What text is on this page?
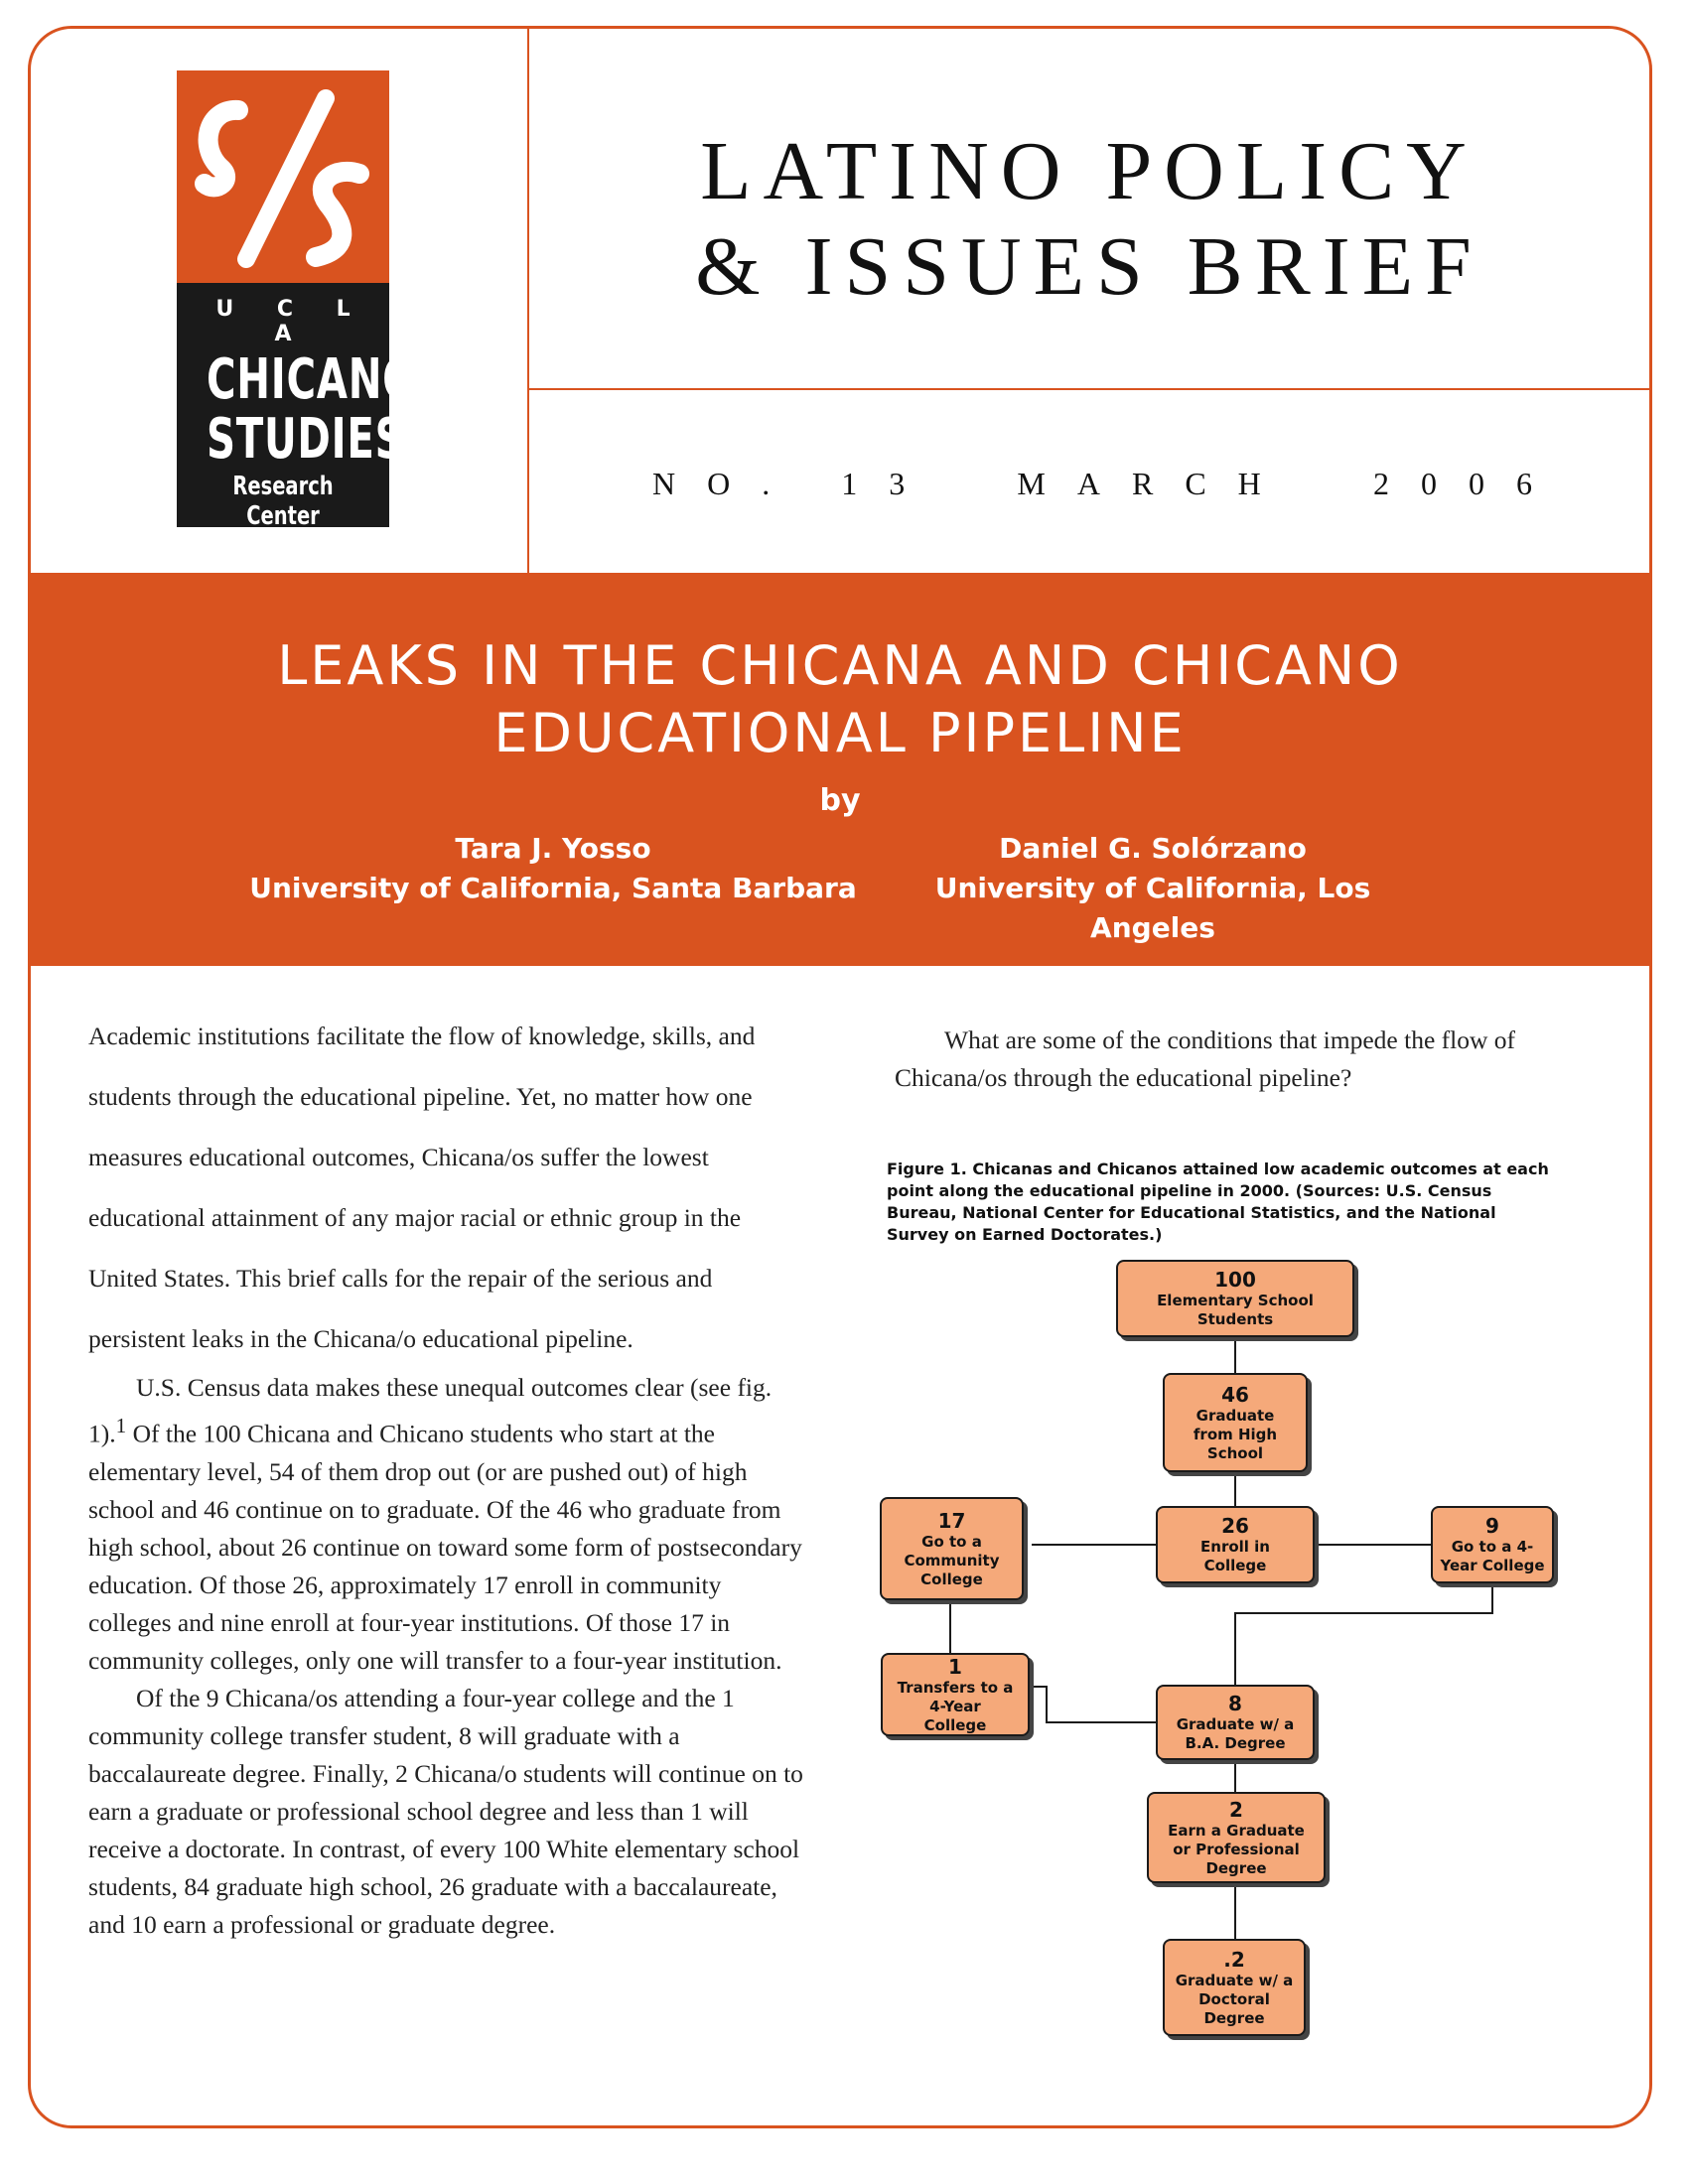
U C L A
CHICANO
STUDIES
Research Center
LATINO POLICY
& ISSUES BRIEF
NO. 13	MARCH	2006
LEAKS IN THE CHICANA AND CHICANO
EDUCATIONAL PIPELINE
by
Tara J. Yosso
University of California, Santa Barbara
Daniel G. Solórzano
University of California, Los Angeles

Academic institutions facilitate the flow of knowledge, skills, and students through the educational pipeline. Yet, no matter how one measures educational outcomes, Chicana/os suffer the lowest educational attainment of any major racial or ethnic group in the United States. This brief calls for the repair of the serious and persistent leaks in the Chicana/o educational pipeline.

U.S. Census data makes these unequal outcomes clear (see fig. 1).$^1$ Of the 100 Chicana and Chicano students who start at the elementary level, 54 of them drop out (or are pushed out) of high school and 46 continue on to graduate. Of the 46 who graduate from high school, about 26 continue on toward some form of postsecondary education. Of those 26, approximately 17 enroll in community colleges and nine enroll at four-year institutions. Of those 17 in community colleges, only one will transfer to a four-year institution.

Of the 9 Chicana/os attending a four-year college and the 1 community college transfer student, 8 will graduate with a baccalaureate degree. Finally, 2 Chicana/o students will continue on to earn a graduate or professional school degree and less than 1 will receive a doctorate. In contrast, of every 100 White elementary school students, 84 graduate high school, 26 graduate with a baccalaureate, and 10 earn a professional or graduate degree.

What are some of the conditions that impede the flow of Chicana/os through the educational pipeline?

Figure 1. Chicanas and Chicanos attained low academic outcomes at each point along the educational pipeline in 2000. (Sources: U.S. Census Bureau, National Center for Educational Statistics, and the National Survey on Earned Doctorates.)
100
Elementary School
Students
46
Graduate
from High
School
26
Enroll in
College
17
Go to a
Community
College
9
Go to a 4-
Year College
1
Transfers to a
4-Year
College
8
Graduate w/ a
B.A. Degree
2
Earn a Graduate
or Professional
Degree
.2
Graduate w/ a
Doctoral
Degree
